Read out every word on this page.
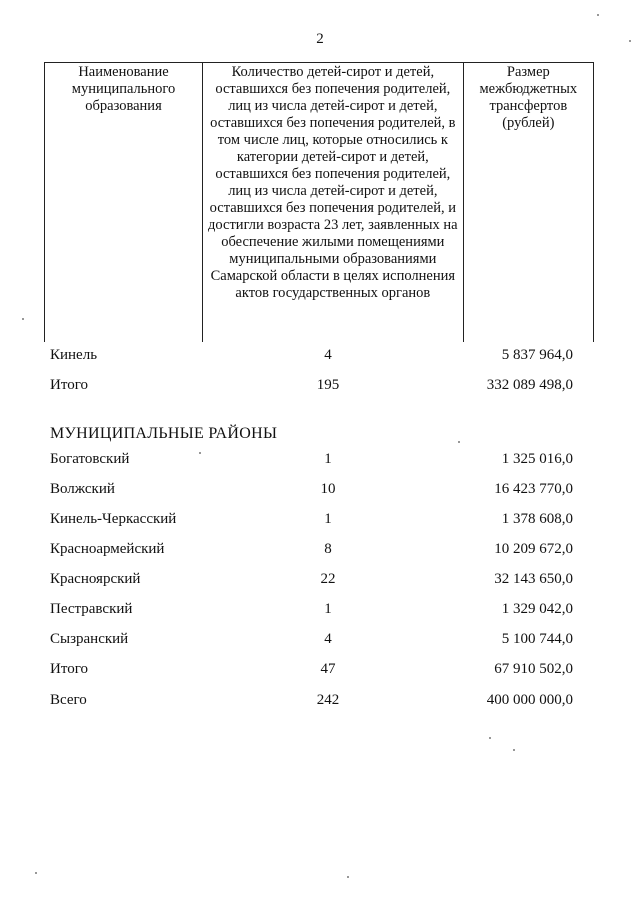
2
Наименование муниципального образования	Количество детей-сирот и детей, оставшихся без попечения родителей, лиц из числа детей-сирот и детей, оставшихся без попечения родителей, в том числе лиц, которые относились к категории детей-сирот и детей, оставшихся без попечения родителей, лиц из числа детей-сирот и детей, оставшихся без попечения родителей, и достигли возраста 23 лет, заявленных на обеспечение жилыми помещениями муниципальными образованиями Самарской области в целях исполнения актов государственных органов	Размер межбюджетных трансфертов (рублей)
Кинель	4	5 837 964,0
Итого	195	332 089 498,0
МУНИЦИПАЛЬНЫЕ РАЙОНЫ
Богатовский	1	1 325 016,0
Волжский	10	16 423 770,0
Кинель-Черкасский	1	1 378 608,0
Красноармейский	8	10 209 672,0
Красноярский	22	32 143 650,0
Пестравский	1	1 329 042,0
Сызранский	4	5 100 744,0
Итого	47	67 910 502,0
Всего	242	400 000 000,0
